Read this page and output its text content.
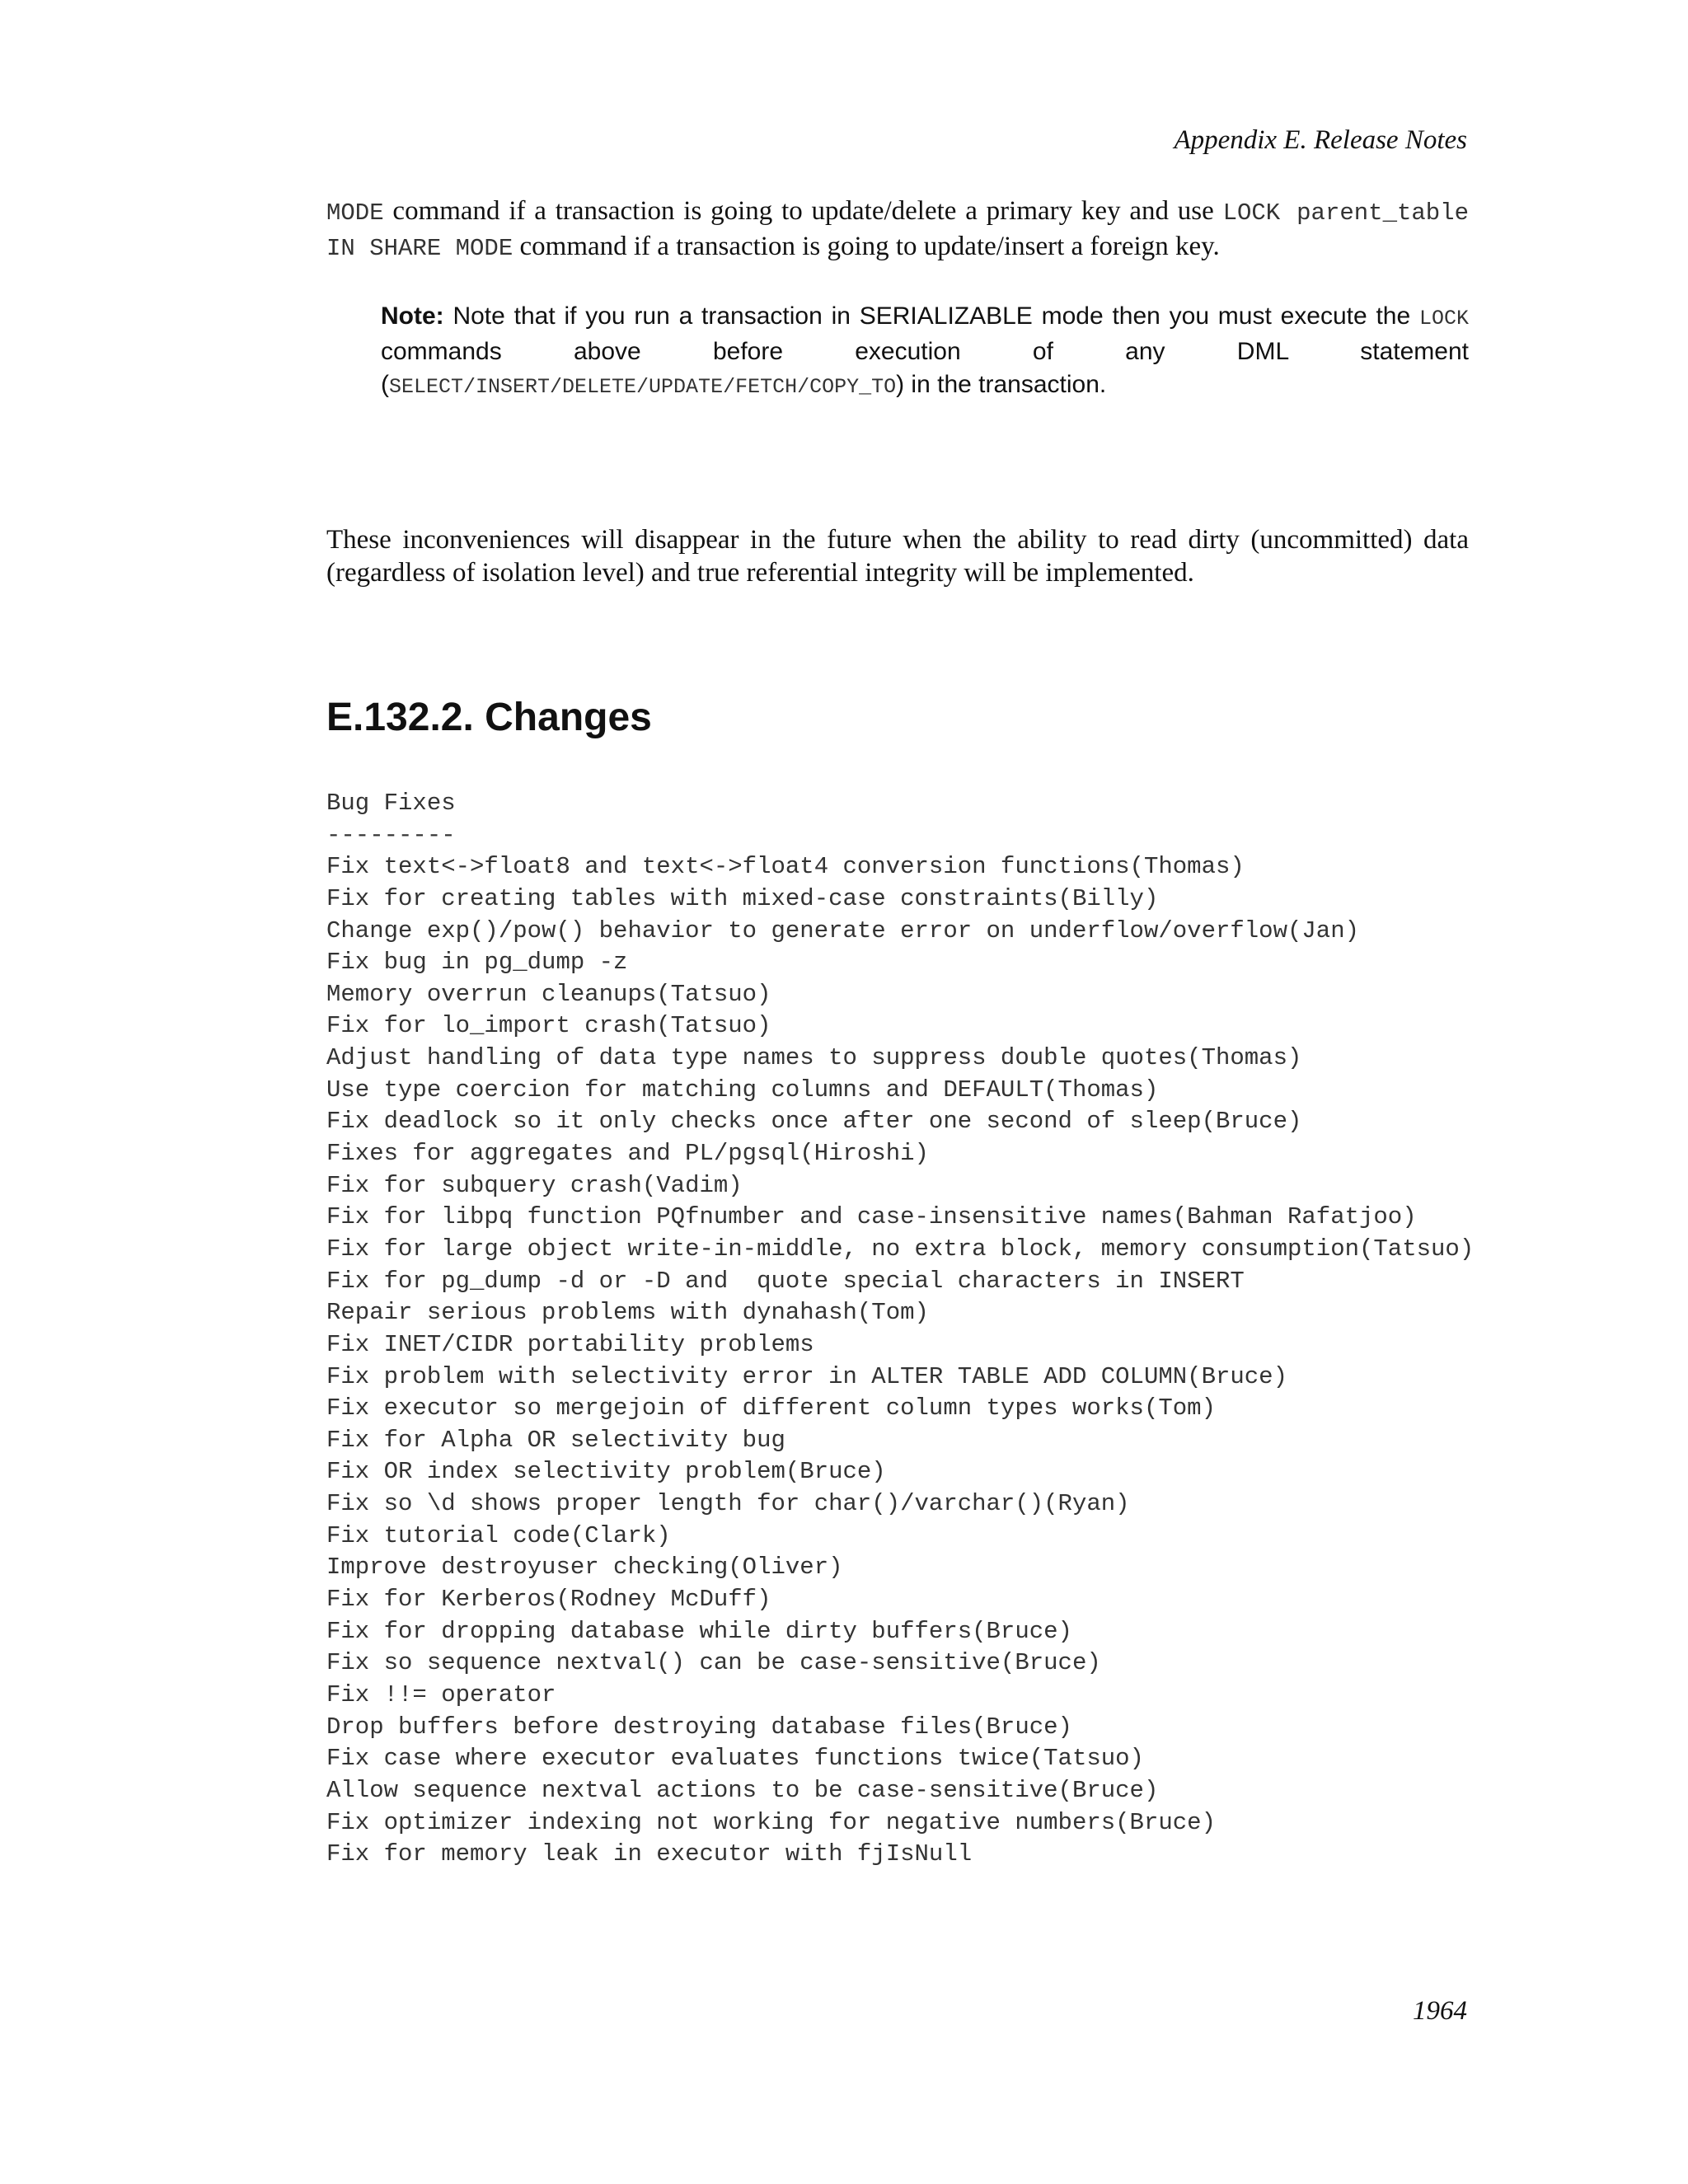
Appendix E. Release Notes

MODE command if a transaction is going to update/delete a primary key and use LOCK parent_table IN SHARE MODE command if a transaction is going to update/insert a foreign key.

Note: Note that if you run a transaction in SERIALIZABLE mode then you must execute the LOCK commands above before execution of any DML statement (SELECT/INSERT/DELETE/UPDATE/FETCH/COPY_TO) in the transaction.

These inconveniences will disappear in the future when the ability to read dirty (uncommitted) data (regardless of isolation level) and true referential integrity will be implemented.

E.132.2. Changes
Bug Fixes
---------
Fix text<->float8 and text<->float4 conversion functions(Thomas)
Fix for creating tables with mixed-case constraints(Billy)
Change exp()/pow() behavior to generate error on underflow/overflow(Jan)
Fix bug in pg_dump -z
Memory overrun cleanups(Tatsuo)
Fix for lo_import crash(Tatsuo)
Adjust handling of data type names to suppress double quotes(Thomas)
Use type coercion for matching columns and DEFAULT(Thomas)
Fix deadlock so it only checks once after one second of sleep(Bruce)
Fixes for aggregates and PL/pgsql(Hiroshi)
Fix for subquery crash(Vadim)
Fix for libpq function PQfnumber and case-insensitive names(Bahman Rafatjoo)
Fix for large object write-in-middle, no extra block, memory consumption(Tatsuo)
Fix for pg_dump -d or -D and  quote special characters in INSERT
Repair serious problems with dynahash(Tom)
Fix INET/CIDR portability problems
Fix problem with selectivity error in ALTER TABLE ADD COLUMN(Bruce)
Fix executor so mergejoin of different column types works(Tom)
Fix for Alpha OR selectivity bug
Fix OR index selectivity problem(Bruce)
Fix so \d shows proper length for char()/varchar()(Ryan)
Fix tutorial code(Clark)
Improve destroyuser checking(Oliver)
Fix for Kerberos(Rodney McDuff)
Fix for dropping database while dirty buffers(Bruce)
Fix so sequence nextval() can be case-sensitive(Bruce)
Fix !!= operator
Drop buffers before destroying database files(Bruce)
Fix case where executor evaluates functions twice(Tatsuo)
Allow sequence nextval actions to be case-sensitive(Bruce)
Fix optimizer indexing not working for negative numbers(Bruce)
Fix for memory leak in executor with fjIsNull
1964
